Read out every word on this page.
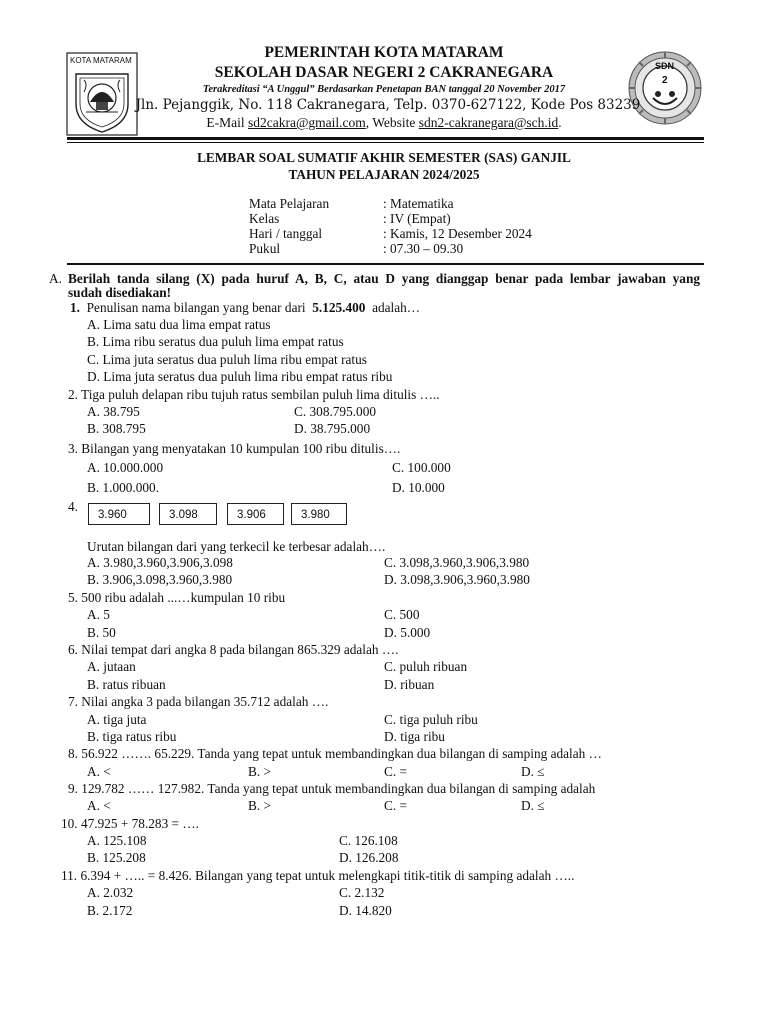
KOTA MATARAM
SDN
2
PEMERINTAH KOTA MATARAM
SEKOLAH DASAR NEGERI 2 CAKRANEGARA
Terakreditasi “A Unggul” Berdasarkan Penetapan BAN tanggal 20 November 2017
Jln. Pejanggik, No. 118 Cakranegara, Telp. 0370-627122, Kode Pos 83239
E-Mail sd2cakra@gmail.com, Website sdn2-cakranegara@sch.id.
LEMBAR SOAL SUMATIF AKHIR SEMESTER (SAS) GANJIL
TAHUN PELAJARAN 2024/2025
Mata Pelajaran	: Matematika
Kelas	: IV (Empat)
Hari / tanggal	: Kamis, 12 Desember 2024
Pukul	: 07.30 – 09.30
A. Berilah tanda silang (X) pada huruf A, B, C, atau D yang dianggap benar pada lembar jawaban yang
sudah disediakan!
1. Penulisan nama bilangan yang benar dari 5.125.400 adalah…
A. Lima satu dua lima empat ratus
B. Lima ribu seratus dua puluh lima empat ratus
C. Lima juta seratus dua puluh lima ribu empat ratus
D. Lima juta seratus dua puluh lima ribu empat ratus ribu
2. Tiga puluh delapan ribu tujuh ratus sembilan puluh lima ditulis …..
A. 38.795	C. 308.795.000
B. 308.795	D. 38.795.000
3. Bilangan yang menyatakan 10 kumpulan 100 ribu ditulis….
A. 10.000.000	C. 100.000
B. 1.000.000.	D. 10.000
4.
3.960	3.098	3.906	3.980
Urutan bilangan dari yang terkecil ke terbesar adalah….
A. 3.980,3.960,3.906,3.098	C. 3.098,3.960,3.906,3.980
B. 3.906,3.098,3.960,3.980	D. 3.098,3.906,3.960,3.980
5. 500 ribu adalah ...…kumpulan 10 ribu
A. 5	C. 500
B. 50	D. 5.000
6. Nilai tempat dari angka 8 pada bilangan 865.329 adalah ….
A. jutaan	C. puluh ribuan
B. ratus ribuan	D. ribuan
7. Nilai angka 3 pada bilangan 35.712 adalah ….
A. tiga juta	C. tiga puluh ribu
B. tiga ratus ribu	D. tiga ribu
8. 56.922 ……. 65.229. Tanda yang tepat untuk membandingkan dua bilangan di samping adalah …
A. <	B. >	C. =	D. ≤
9. 129.782 …… 127.982. Tanda yang tepat untuk membandingkan dua bilangan di samping adalah
A. <	B. >	C. =	D. ≤
10. 47.925 + 78.283 = ….
A. 125.108	C. 126.108
B. 125.208	D. 126.208
11. 6.394 + ….. = 8.426. Bilangan yang tepat untuk melengkapi titik-titik di samping adalah …..
A. 2.032	C. 2.132
B. 2.172	D. 14.820
